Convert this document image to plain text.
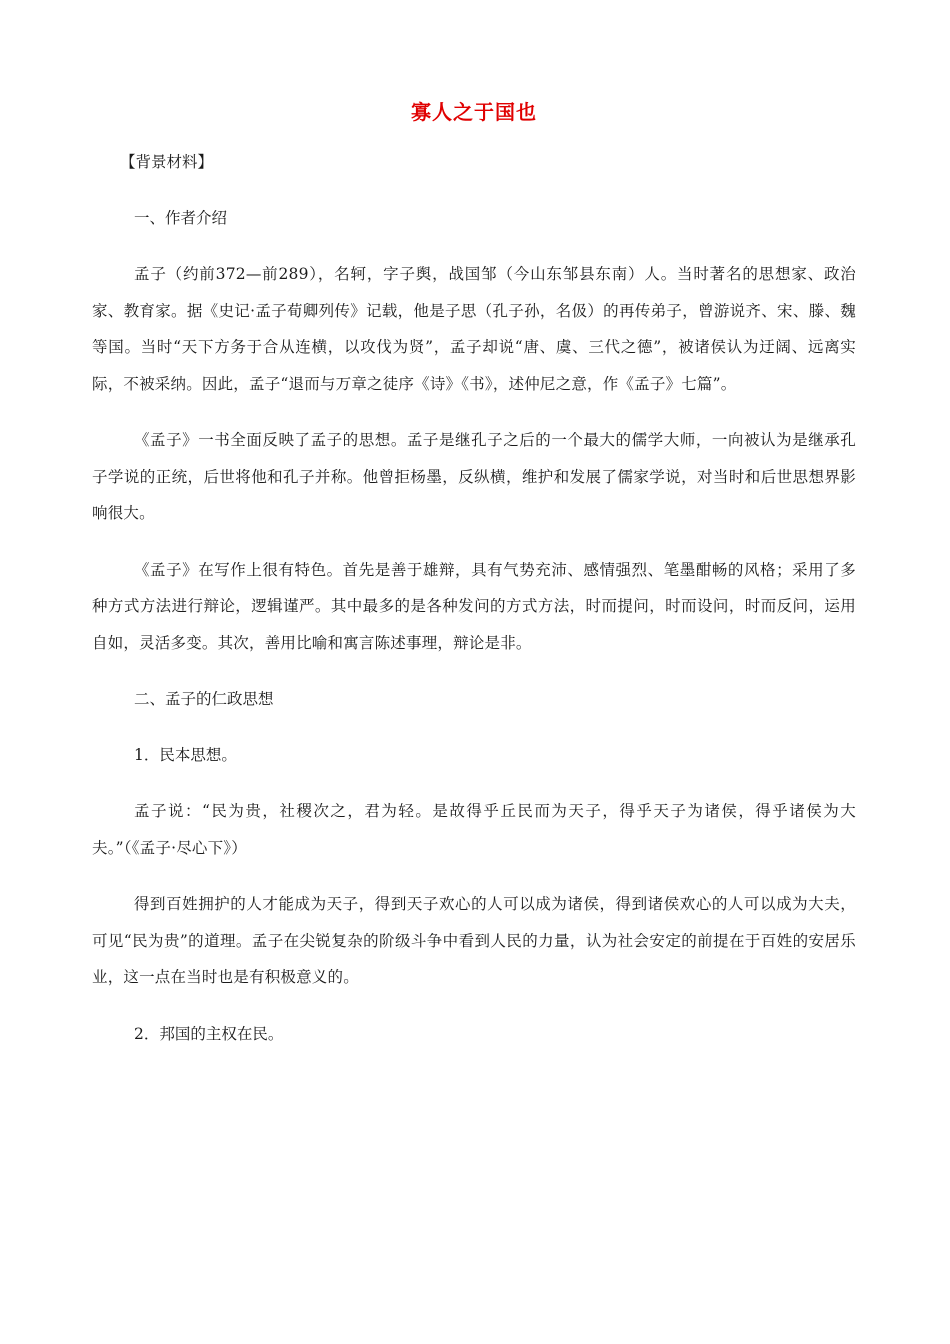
寡人之于国也
【背景材料】
一、作者介绍

孟子（约前372—前289），名轲，字子舆，战国邹（今山东邹县东南）人。当时著名的思想家、政治家、教育家。据《史记·孟子荀卿列传》记载，他是子思（孔子孙，名伋）的再传弟子，曾游说齐、宋、滕、魏等国。当时“天下方务于合从连横，以攻伐为贤”，孟子却说“唐、虞、三代之德”，被诸侯认为迂阔、远离实际，不被采纳。因此，孟子“退而与万章之徒序《诗》《书》，述仲尼之意，作《孟子》七篇”。

《孟子》一书全面反映了孟子的思想。孟子是继孔子之后的一个最大的儒学大师，一向被认为是继承孔子学说的正统，后世将他和孔子并称。他曾拒杨墨，反纵横，维护和发展了儒家学说，对当时和后世思想界影响很大。

《孟子》在写作上很有特色。首先是善于雄辩，具有气势充沛、感情强烈、笔墨酣畅的风格；采用了多种方式方法进行辩论，逻辑谨严。其中最多的是各种发问的方式方法，时而提问，时而设问，时而反问，运用自如，灵活多变。其次，善用比喻和寓言陈述事理，辩论是非。

二、孟子的仁政思想
1．民本思想。

孟子说：“民为贵，社稷次之，君为轻。是故得乎丘民而为天子，得乎天子为诸侯，得乎诸侯为大夫。”（《孟子·尽心下》）

得到百姓拥护的人才能成为天子，得到天子欢心的人可以成为诸侯，得到诸侯欢心的人可以成为大夫，可见“民为贵”的道理。孟子在尖锐复杂的阶级斗争中看到人民的力量，认为社会安定的前提在于百姓的安居乐业，这一点在当时也是有积极意义的。

2．邦国的主权在民。
